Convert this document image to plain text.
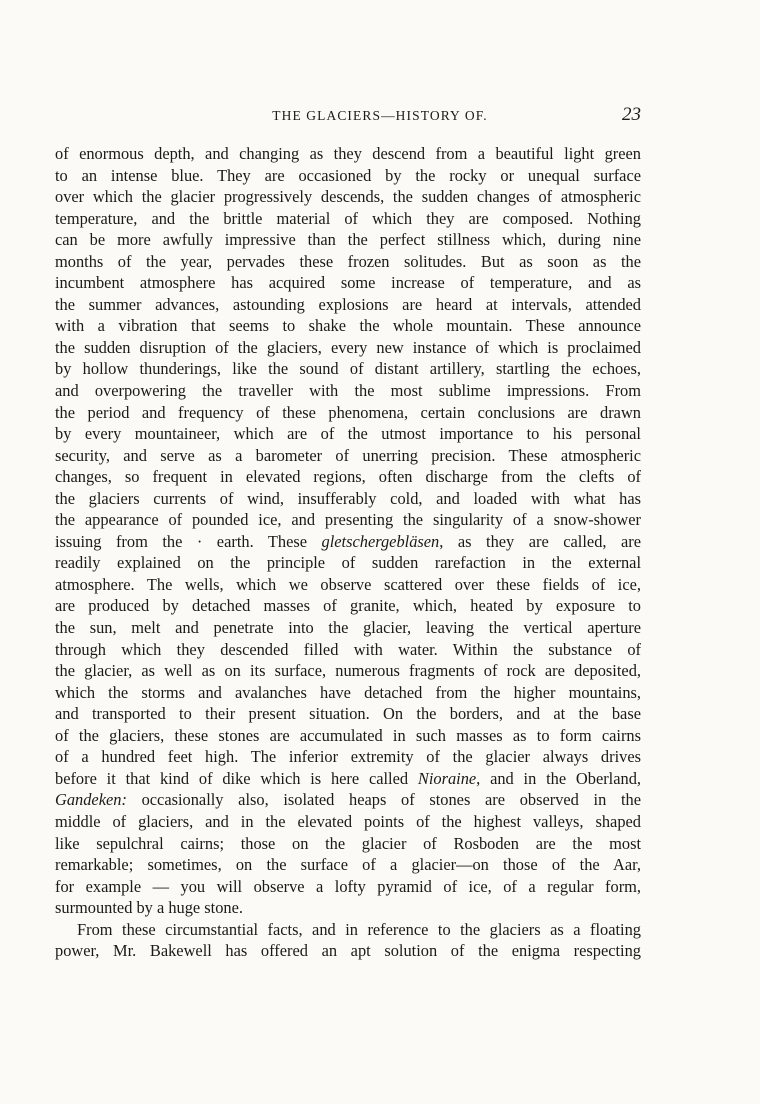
THE GLACIERS—HISTORY OF.	23
of enormous depth, and changing as they descend from a beautiful light green
to an intense blue. They are occasioned by the rocky or unequal surface
over which the glacier progressively descends, the sudden changes of atmospheric
temperature, and the brittle material of which they are composed. Nothing
can be more awfully impressive than the perfect stillness which, during nine
months of the year, pervades these frozen solitudes. But as soon as the
incumbent atmosphere has acquired some increase of temperature, and as
the summer advances, astounding explosions are heard at intervals, attended
with a vibration that seems to shake the whole mountain. These announce
the sudden disruption of the glaciers, every new instance of which is proclaimed
by hollow thunderings, like the sound of distant artillery, startling the echoes,
and overpowering the traveller with the most sublime impressions. From
the period and frequency of these phenomena, certain conclusions are drawn
by every mountaineer, which are of the utmost importance to his personal
security, and serve as a barometer of unerring precision. These atmospheric
changes, so frequent in elevated regions, often discharge from the clefts of
the glaciers currents of wind, insufferably cold, and loaded with what has
the appearance of pounded ice, and presenting the singularity of a snow-shower
issuing from the · earth. These gletschergebläsen, as they are called, are
readily explained on the principle of sudden rarefaction in the external
atmosphere. The wells, which we observe scattered over these fields of ice,
are produced by detached masses of granite, which, heated by exposure to
the sun, melt and penetrate into the glacier, leaving the vertical aperture
through which they descended filled with water. Within the substance of
the glacier, as well as on its surface, numerous fragments of rock are deposited,
which the storms and avalanches have detached from the higher mountains,
and transported to their present situation. On the borders, and at the base
of the glaciers, these stones are accumulated in such masses as to form cairns
of a hundred feet high. The inferior extremity of the glacier always drives
before it that kind of dike which is here called Nioraine, and in the Oberland,
Gandeken: occasionally also, isolated heaps of stones are observed in the
middle of glaciers, and in the elevated points of the highest valleys, shaped
like sepulchral cairns; those on the glacier of Rosboden are the most
remarkable; sometimes, on the surface of a glacier—on those of the Aar,
for example — you will observe a lofty pyramid of ice, of a regular form,
surmounted by a huge stone.
From these circumstantial facts, and in reference to the glaciers as a floating
power, Mr. Bakewell has offered an apt solution of the enigma respecting
